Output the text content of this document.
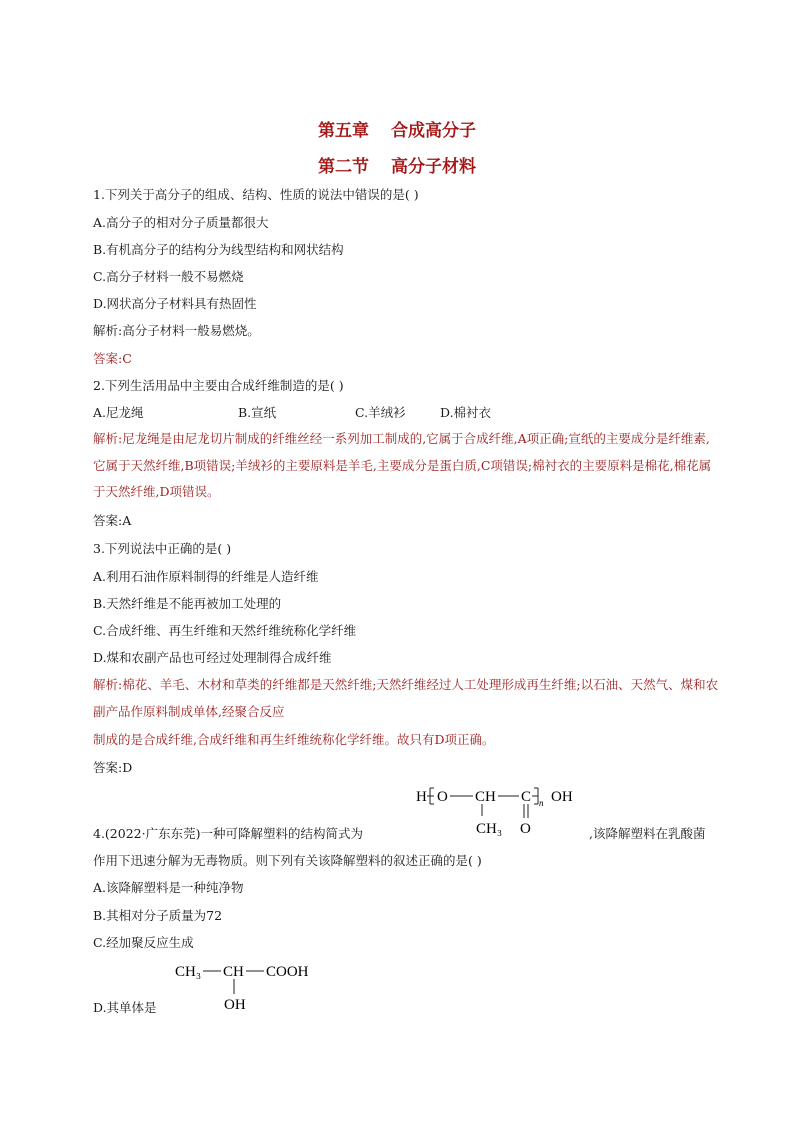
第五章 合成高分子
第二节 高分子材料
1.下列关于高分子的组成、结构、性质的说法中错误的是( )
A.高分子的相对分子质量都很大
B.有机高分子的结构分为线型结构和网状结构
C.高分子材料一般不易燃烧
D.网状高分子材料具有热固性
解析:高分子材料一般易燃烧。
答案:C
2.下列生活用品中主要由合成纤维制造的是( )
A.尼龙绳	B.宣纸	C.羊绒衫	D.棉衬衣
解析:尼龙绳是由尼龙切片制成的纤维丝经一系列加工制成的,它属于合成纤维,A项正确;宣纸的主要成分是纤维素,它属于天然纤维,B项错误;羊绒衫的主要原料是羊毛,主要成分是蛋白质,C项错误;棉衬衣的主要原料是棉花,棉花属于天然纤维,D项错误。
答案:A
3.下列说法中正确的是( )
A.利用石油作原料制得的纤维是人造纤维
B.天然纤维是不能再被加工处理的
C.合成纤维、再生纤维和天然纤维统称化学纤维
D.煤和农副产品也可经过处理制得合成纤维
解析:棉花、羊毛、木材和草类的纤维都是天然纤维;天然纤维经过人工处理形成再生纤维;以石油、天然气、煤和农副产品作原料制成单体,经聚合反应
制成的是合成纤维,合成纤维和再生纤维统称化学纤维。故只有D项正确。
答案:D
H O CH C n OH
CH₃ O
4.(2022·广东东莞)一种可降解塑料的结构简式为	,该降解塑料在乳酸菌
作用下迅速分解为无毒物质。则下列有关该降解塑料的叙述正确的是( )
A.该降解塑料是一种纯净物
B.其相对分子质量为72
C.经加聚反应生成
CH₃ CH COOH
OH
D.其单体是
